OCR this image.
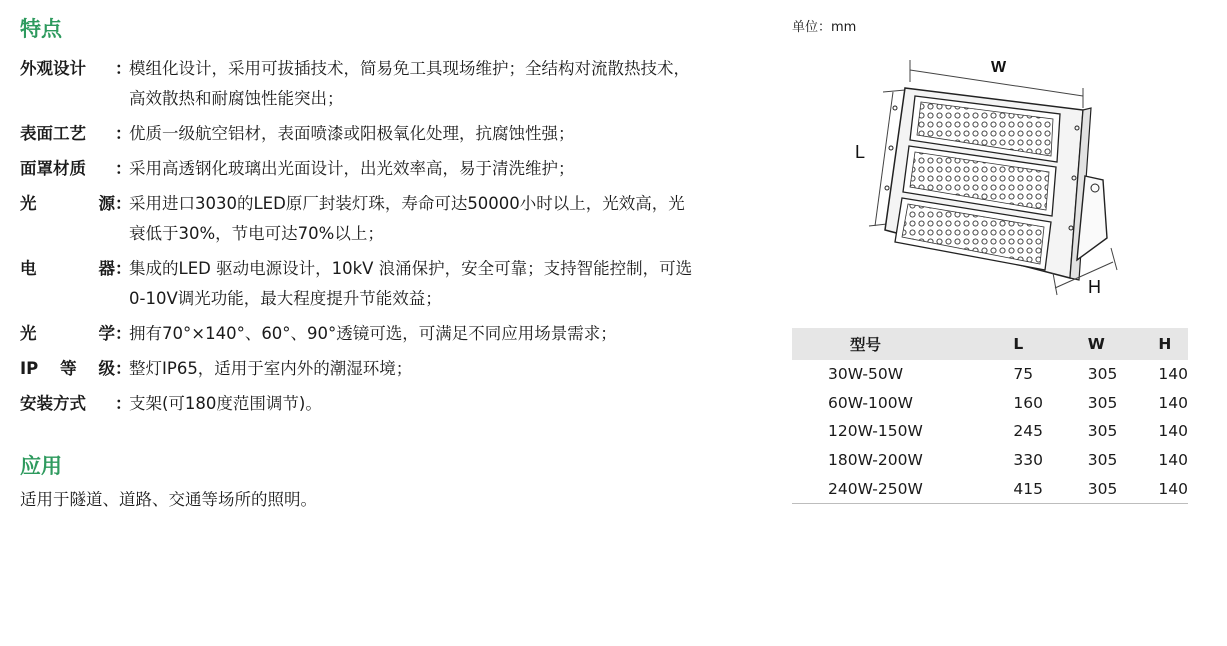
特点
外观设计 ：
模组化设计，采用可拔插技术，简易免工具现场维护；全结构对流散热技术，高效散热和耐腐蚀性能突出；
表面工艺 ：
优质一级航空铝材，表面喷漆或阳极氧化处理，抗腐蚀性强；
面罩材质 ：
采用高透钢化玻璃出光面设计，出光效率高，易于清洗维护；
光	源 ：
采用进口3030的LED原厂封装灯珠，寿命可达50000小时以上，光效高，光衰低于30%，节电可达70%以上；
电	器 ：
集成的LED 驱动电源设计，10kV 浪涌保护，安全可靠；支持智能控制，可选0-10V调光功能，最大程度提升节能效益；
光	学 ：
拥有70°×140°、60°、90°透镜可选，可满足不同应用场景需求；
IP 等 级 ：
整灯IP65，适用于室内外的潮湿环境；
安装方式 ：
支架(可180度范围调节)。
应用
适用于隧道、道路、交通等场所的照明。
单位：mm
W
L
H
型号	L	W	H
30W-50W	75	305	140
60W-100W	160	305	140
120W-150W	245	305	140
180W-200W	330	305	140
240W-250W	415	305	140
